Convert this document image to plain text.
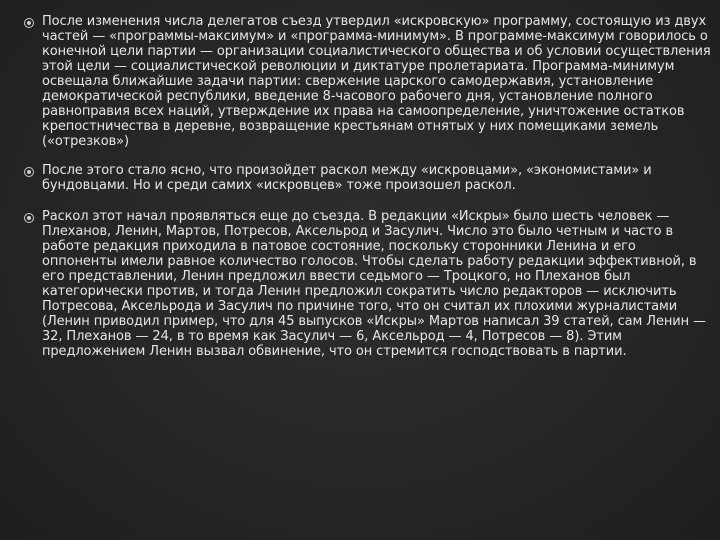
После изменения числа делегатов съезд утвердил «искровскую» программу, состоящую из двух частей — «программы-максимум» и «программа-минимум». В программе-максимум говорилось о конечной цели партии — организации социалистического общества и об условии осуществления этой цели — социалистической революции и диктатуре пролетариата. Программа-минимум освещала ближайшие задачи партии: свержение царского самодержавия, установление демократической республики, введение 8-часового рабочего дня, установление полного равноправия всех наций, утверждение их права на самоопределение, уничтожение остатков крепостничества в деревне, возвращение крестьянам отнятых у них помещиками земель («отрезков»)
После этого стало ясно, что произойдет раскол между «искровцами», «экономистами» и бундовцами. Но и среди самих «искровцев» тоже произошел раскол.
Раскол этот начал проявляться еще до съезда. В редакции «Искры» было шесть человек — Плеханов, Ленин, Мартов, Потресов, Аксельрод и Засулич. Число это было четным и часто в работе редакция приходила в патовое состояние, поскольку сторонники Ленина и его оппоненты имели равное количество голосов. Чтобы сделать работу редакции эффективной, в его представлении, Ленин предложил ввести седьмого — Троцкого, но Плеханов был категорически против, и тогда Ленин предложил сократить число редакторов — исключить Потресова, Аксельрода и Засулич по причине того, что он считал их плохими журналистами (Ленин приводил пример, что для 45 выпусков «Искры» Мартов написал 39 статей, сам Ленин — 32, Плеханов — 24, в то время как Засулич — 6, Аксельрод — 4, Потресов — 8). Этим предложением Ленин вызвал обвинение, что он стремится господствовать в партии.
